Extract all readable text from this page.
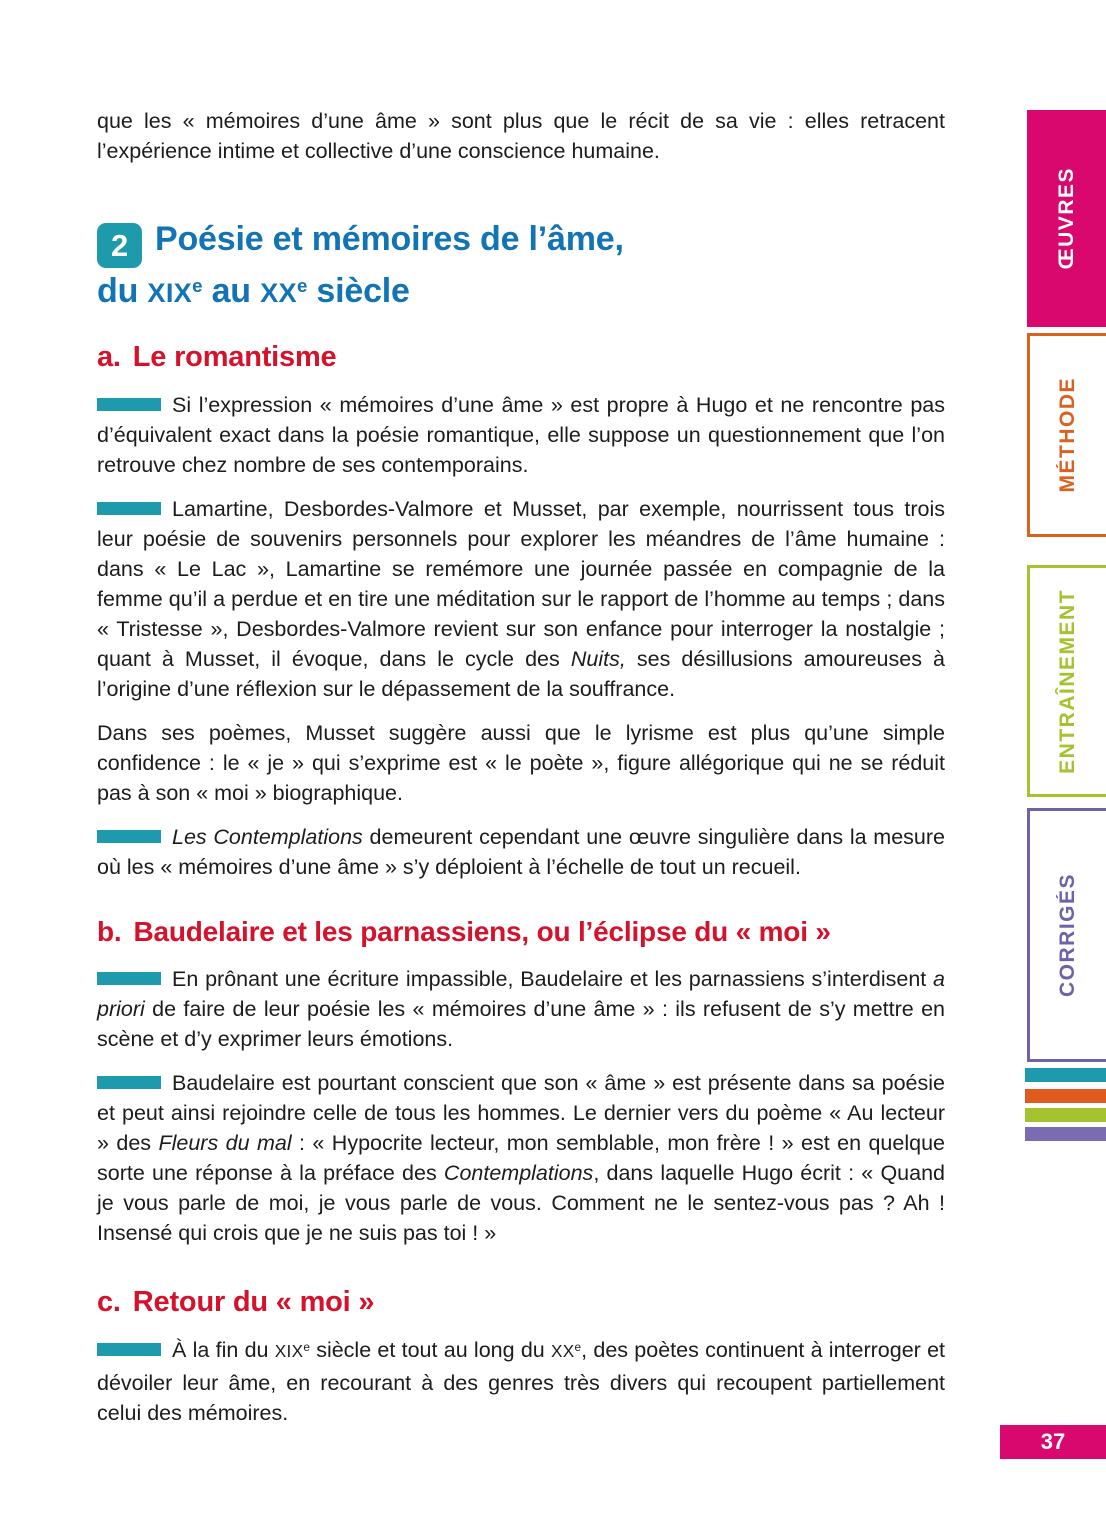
que les « mémoires d’une âme » sont plus que le récit de sa vie : elles retracent l’expérience intime et collective d’une conscience humaine.

2 Poésie et mémoires de l’âme,
du XIXe au XXe siècle
a. Le romantisme

Si l’expression « mémoires d’une âme » est propre à Hugo et ne rencontre pas d’équivalent exact dans la poésie romantique, elle suppose un questionnement que l’on retrouve chez nombre de ses contemporains.

Lamartine, Desbordes-Valmore et Musset, par exemple, nourrissent tous trois leur poésie de souvenirs personnels pour explorer les méandres de l’âme humaine : dans « Le Lac », Lamartine se remémore une journée passée en compagnie de la femme qu’il a perdue et en tire une méditation sur le rapport de l’homme au temps ; dans « Tristesse », Desbordes-Valmore revient sur son enfance pour interroger la nostalgie ; quant à Musset, il évoque, dans le cycle des Nuits, ses désillusions amoureuses à l’origine d’une réflexion sur le dépassement de la souffrance.

Dans ses poèmes, Musset suggère aussi que le lyrisme est plus qu’une simple confidence : le « je » qui s’exprime est « le poète », figure allégorique qui ne se réduit pas à son « moi » biographique.

Les Contemplations demeurent cependant une œuvre singulière dans la mesure où les « mémoires d’une âme » s’y déploient à l’échelle de tout un recueil.

b. Baudelaire et les parnassiens, ou l’éclipse du « moi »

En prônant une écriture impassible, Baudelaire et les parnassiens s’interdisent a priori de faire de leur poésie les « mémoires d’une âme » : ils refusent de s’y mettre en scène et d’y exprimer leurs émotions.

Baudelaire est pourtant conscient que son « âme » est présente dans sa poésie et peut ainsi rejoindre celle de tous les hommes. Le dernier vers du poème « Au lecteur » des Fleurs du mal : « Hypocrite lecteur, mon semblable, mon frère ! » est en quelque sorte une réponse à la préface des Contemplations, dans laquelle Hugo écrit : « Quand je vous parle de moi, je vous parle de vous. Comment ne le sentez-vous pas ? Ah ! Insensé qui crois que je ne suis pas toi ! »

c. Retour du « moi »

À la fin du XIXe siècle et tout au long du XXe, des poètes continuent à interroger et dévoiler leur âme, en recourant à des genres très divers qui recoupent partiellement celui des mémoires.

ŒUVRES
MÉTHODE
ENTRAÎNEMENT
CORRIGÉS
37
